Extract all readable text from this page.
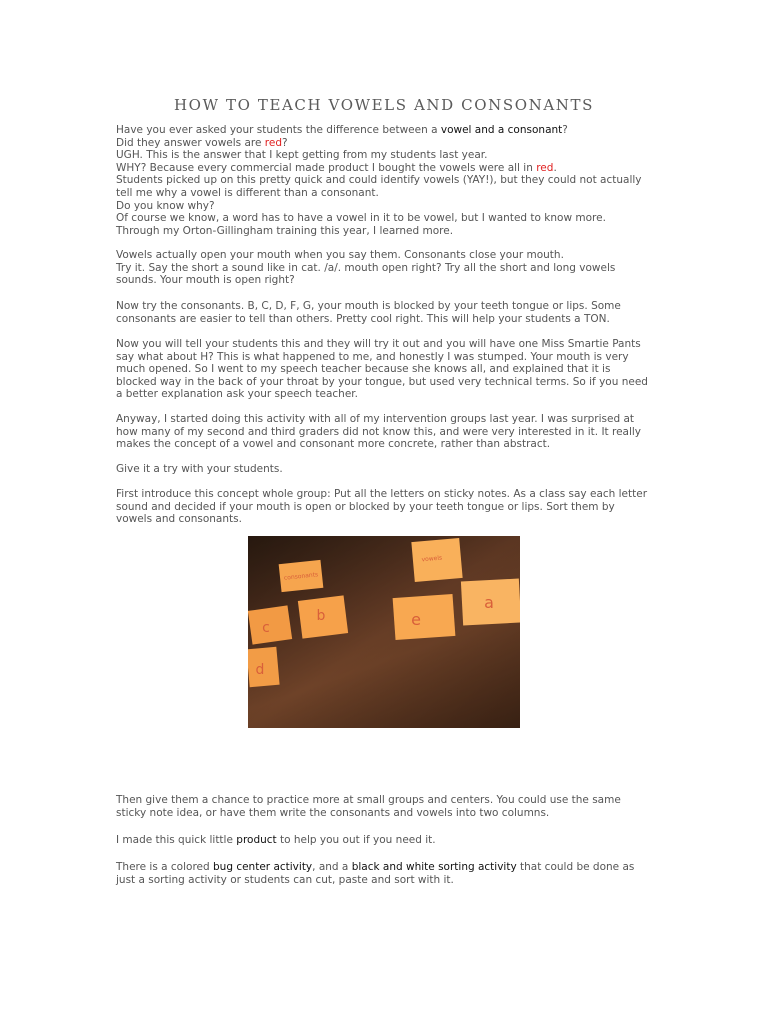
HOW TO TEACH VOWELS AND CONSONANTS

Have you ever asked your students the difference between a vowel and a consonant?

Did they answer vowels are red?

UGH. This is the answer that I kept getting from my students last year.

WHY? Because every commercial made product I bought the vowels were all in red.

Students picked up on this pretty quick and could identify vowels (YAY!), but they could not actually tell me why a vowel is different than a consonant.

Do you know why?

Of course we know, a word has to have a vowel in it to be vowel, but I wanted to know more.

Through my Orton-Gillingham training this year, I learned more.

Vowels actually open your mouth when you say them. Consonants close your mouth.

Try it. Say the short a sound like in cat. /a/. mouth open right? Try all the short and long vowels sounds. Your mouth is open right?

Now try the consonants. B, C, D, F, G, your mouth is blocked by your teeth tongue or lips. Some consonants are easier to tell than others. Pretty cool right. This will help your students a TON.

Now you will tell your students this and they will try it out and you will have one Miss Smartie Pants say what about H? This is what happened to me, and honestly I was stumped. Your mouth is very much opened. So I went to my speech teacher because she knows all, and explained that it is blocked way in the back of your throat by your tongue, but used very technical terms. So if you need a better explanation ask your speech teacher.

Anyway, I started doing this activity with all of my intervention groups last year. I was surprised at how many of my second and third graders did not know this, and were very interested in it. It really makes the concept of a vowel and consonant more concrete, rather than abstract.

Give it a try with your students.

First introduce this concept whole group: Put all the letters on sticky notes. As a class say each letter sound and decided if your mouth is open or blocked by your teeth tongue or lips. Sort them by vowels and consonants.

Then give them a chance to practice more at small groups and centers. You could use the same sticky note idea, or have them write the consonants and vowels into two columns.

I made this quick little product to help you out if you need it.

There is a colored bug center activity, and a black and white sorting activity that could be done as just a sorting activity or students can cut, paste and sort with it.

consonants
vowels
b
c	e
a
d
